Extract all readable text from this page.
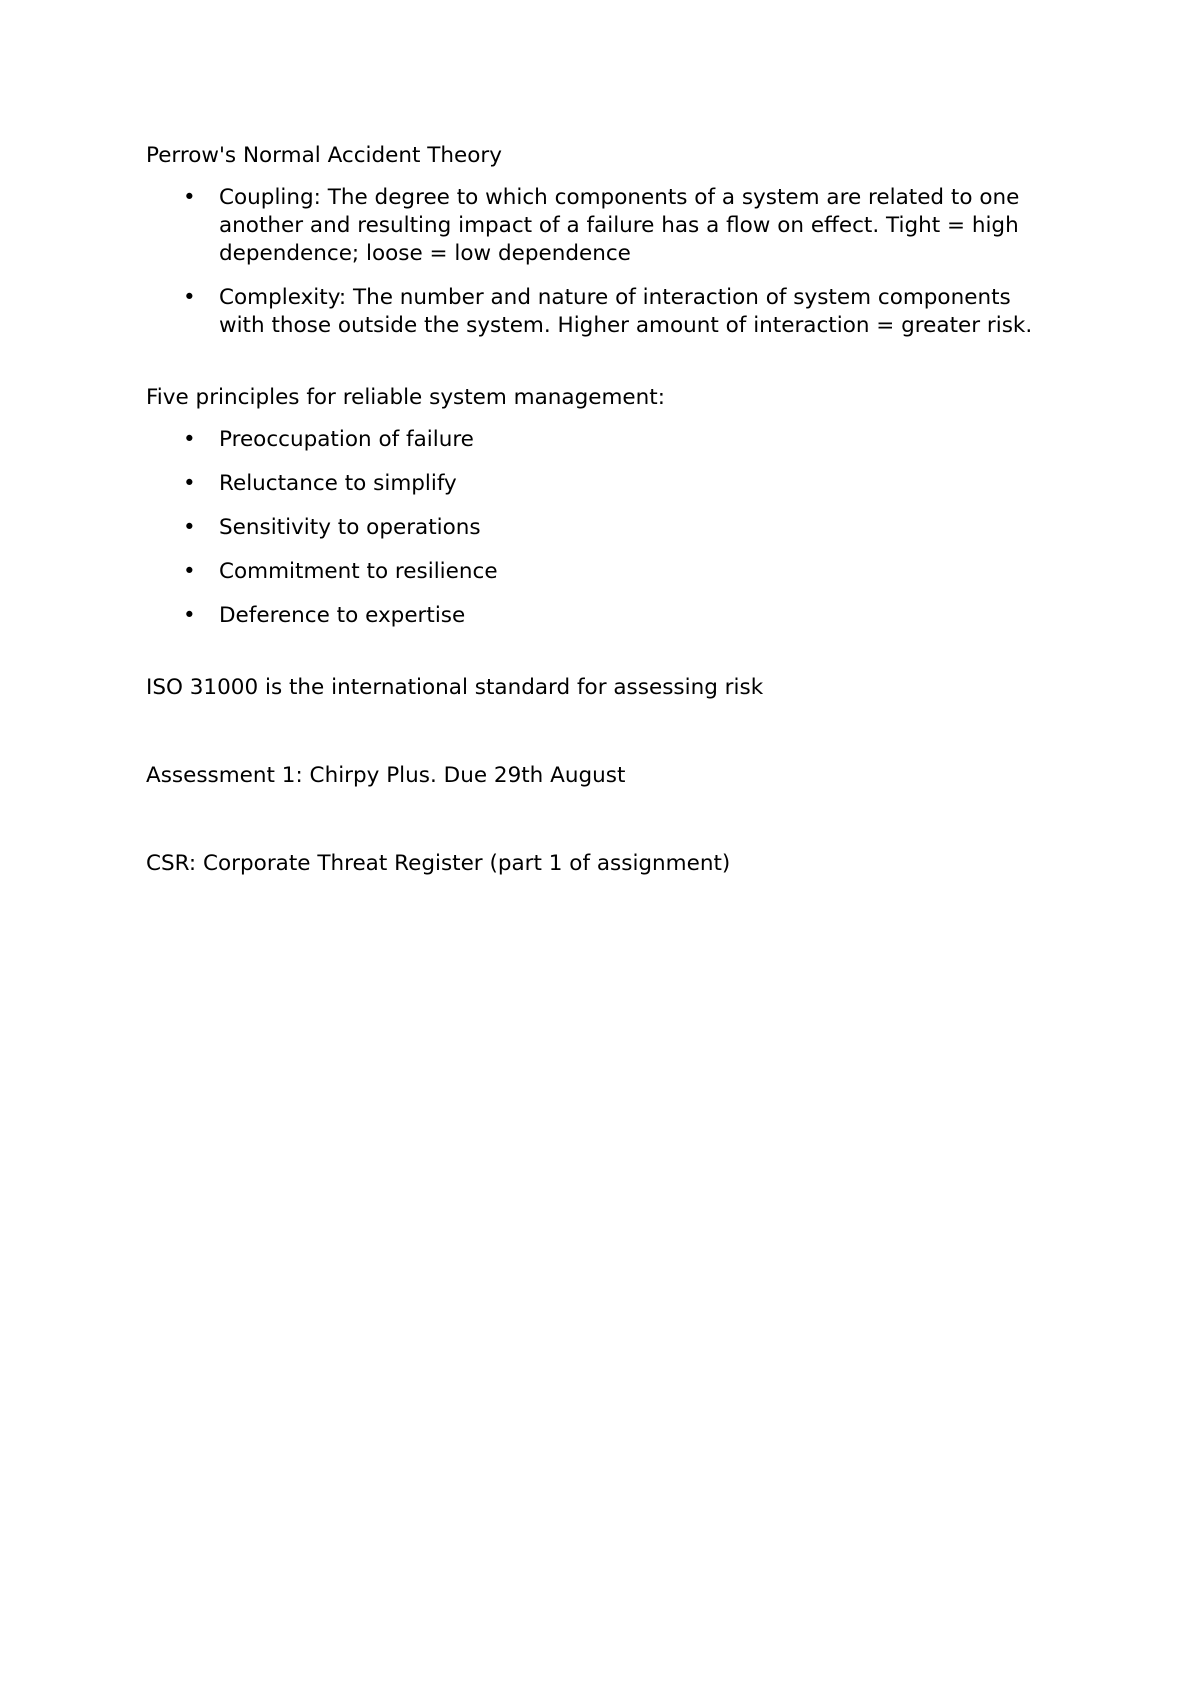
Perrow's Normal Accident Theory

• Coupling: The degree to which components of a system are related to one another and resulting impact of a failure has a flow on effect. Tight = high dependence; loose = low dependence
• Complexity: The number and nature of interaction of system components with those outside the system. Higher amount of interaction = greater risk.

Five principles for reliable system management:

• Preoccupation of failure
• Reluctance to simplify
• Sensitivity to operations
• Commitment to resilience
• Deference to expertise

ISO 31000 is the international standard for assessing risk

Assessment 1: Chirpy Plus. Due 29th August

CSR: Corporate Threat Register (part 1 of assignment)
